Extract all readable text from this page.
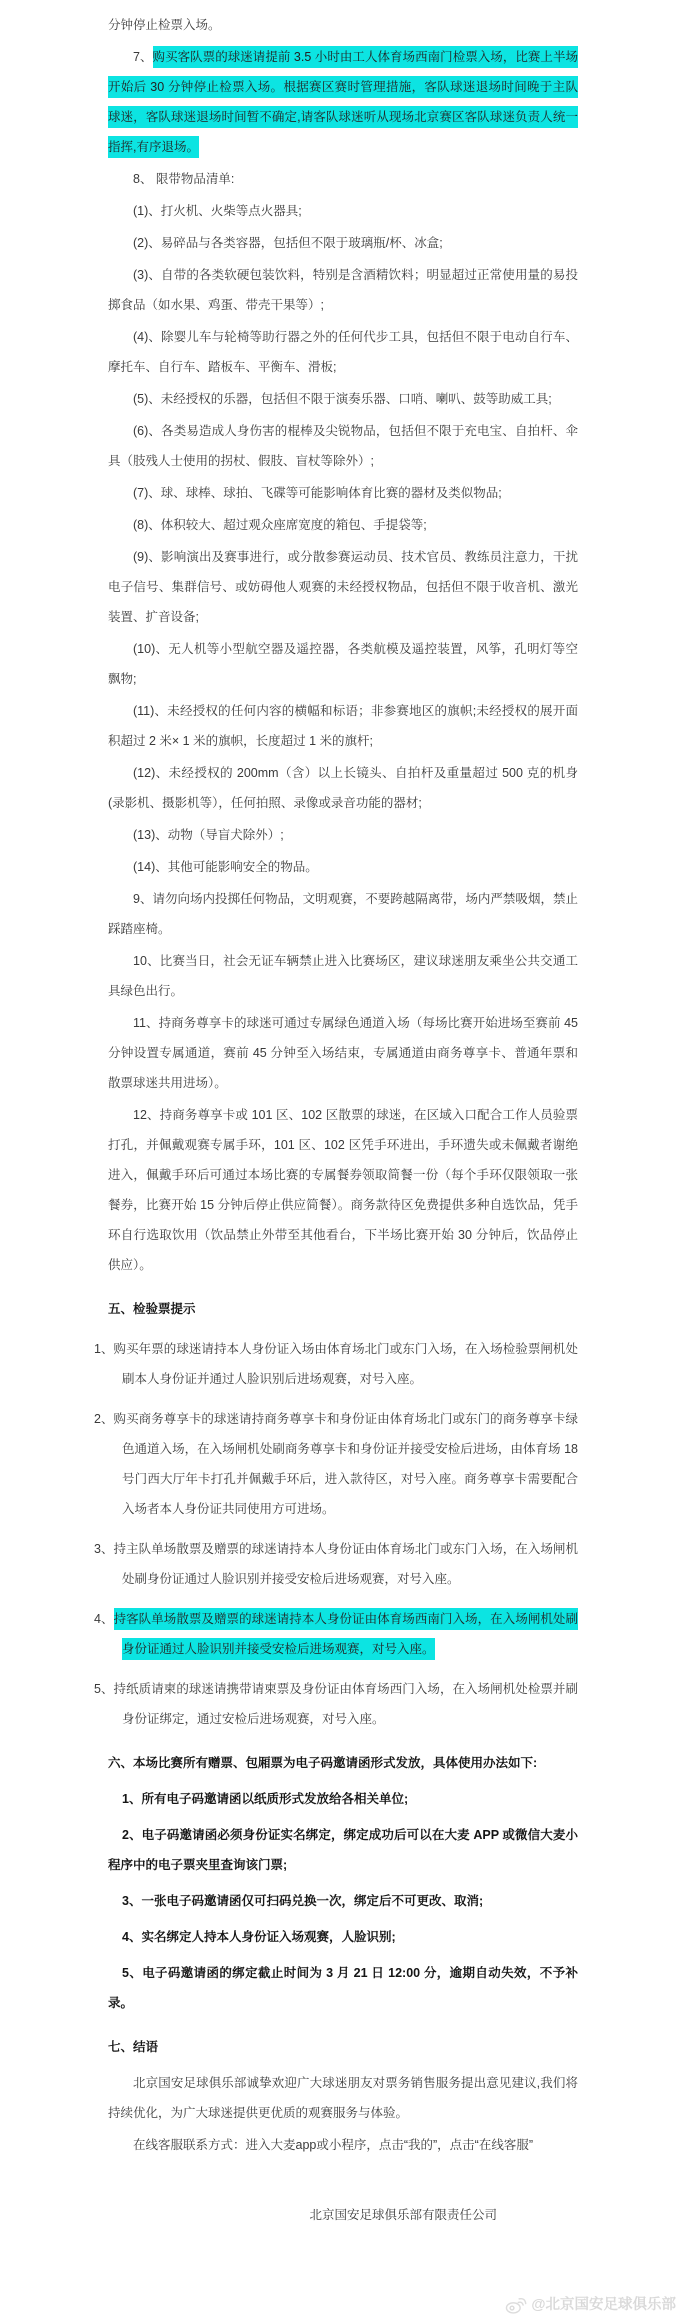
分钟停止检票入场。

7、购买客队票的球迷请提前 3.5 小时由工人体育场西南门检票入场，比赛上半场开始后 30 分钟停止检票入场。根据赛区赛时管理措施，客队球迷退场时间晚于主队球迷，客队球迷退场时间暂不确定,请客队球迷听从现场北京赛区客队球迷负责人统一指挥,有序退场。

8、 限带物品清单:

(1)、打火机、火柴等点火器具;

(2)、易碎品与各类容器，包括但不限于玻璃瓶/杯、冰盒;

(3)、自带的各类软硬包装饮料，特别是含酒精饮料；明显超过正常使用量的易投掷食品（如水果、鸡蛋、带壳干果等）;

(4)、除婴儿车与轮椅等助行器之外的任何代步工具，包括但不限于电动自行车、摩托车、自行车、踏板车、平衡车、滑板;

(5)、未经授权的乐器，包括但不限于演奏乐器、口哨、喇叭、鼓等助威工具;

(6)、各类易造成人身伤害的棍棒及尖锐物品，包括但不限于充电宝、自拍杆、伞具（肢残人士使用的拐杖、假肢、盲杖等除外）;

(7)、球、球棒、球拍、飞碟等可能影响体育比赛的器材及类似物品;

(8)、体积较大、超过观众座席宽度的箱包、手提袋等;

(9)、影响演出及赛事进行，或分散参赛运动员、技术官员、教练员注意力，干扰电子信号、集群信号、或妨碍他人观赛的未经授权物品，包括但不限于收音机、激光装置、扩音设备;

(10)、无人机等小型航空器及遥控器，各类航模及遥控装置，风筝，孔明灯等空飘物;

(11)、未经授权的任何内容的横幅和标语；非参赛地区的旗帜;未经授权的展开面积超过 2 米× 1 米的旗帜，长度超过 1 米的旗杆;

(12)、未经授权的 200mm（含）以上长镜头、自拍杆及重量超过 500 克的机身(录影机、摄影机等），任何拍照、录像或录音功能的器材;

(13)、动物（导盲犬除外）;

(14)、其他可能影响安全的物品。

9、请勿向场内投掷任何物品，文明观赛，不要跨越隔离带，场内严禁吸烟，禁止踩踏座椅。

10、比赛当日，社会无证车辆禁止进入比赛场区，建议球迷朋友乘坐公共交通工具绿色出行。

11、持商务尊享卡的球迷可通过专属绿色通道入场（每场比赛开始进场至赛前 45 分钟设置专属通道，赛前 45 分钟至入场结束，专属通道由商务尊享卡、普通年票和散票球迷共用进场）。

12、持商务尊享卡或 101 区、102 区散票的球迷，在区域入口配合工作人员验票打孔，并佩戴观赛专属手环，101 区、102 区凭手环进出，手环遗失或未佩戴者谢绝进入，佩戴手环后可通过本场比赛的专属餐券领取简餐一份（每个手环仅限领取一张餐券，比赛开始 15 分钟后停止供应简餐）。商务款待区免费提供多种自选饮品，凭手环自行选取饮用（饮品禁止外带至其他看台，下半场比赛开始 30 分钟后，饮品停止供应）。

五、检验票提示

1、购买年票的球迷请持本人身份证入场由体育场北门或东门入场，在入场检验票闸机处刷本人身份证并通过人脸识别后进场观赛，对号入座。

2、购买商务尊享卡的球迷请持商务尊享卡和身份证由体育场北门或东门的商务尊享卡绿色通道入场，在入场闸机处刷商务尊享卡和身份证并接受安检后进场，由体育场 18 号门西大厅年卡打孔并佩戴手环后，进入款待区，对号入座。商务尊享卡需要配合入场者本人身份证共同使用方可进场。

3、持主队单场散票及赠票的球迷请持本人身份证由体育场北门或东门入场，在入场闸机处刷身份证通过人脸识别并接受安检后进场观赛，对号入座。

4、持客队单场散票及赠票的球迷请持本人身份证由体育场西南门入场，在入场闸机处刷身份证通过人脸识别并接受安检后进场观赛，对号入座。

5、持纸质请柬的球迷请携带请柬票及身份证由体育场西门入场，在入场闸机处检票并刷身份证绑定，通过安检后进场观赛，对号入座。

六、本场比赛所有赠票、包厢票为电子码邀请函形式发放，具体使用办法如下:

1、所有电子码邀请函以纸质形式发放给各相关单位;

2、电子码邀请函必须身份证实名绑定，绑定成功后可以在大麦 APP 或微信大麦小程序中的电子票夹里查询该门票;

3、一张电子码邀请函仅可扫码兑换一次，绑定后不可更改、取消;

4、实名绑定人持本人身份证入场观赛，人脸识别;

5、电子码邀请函的绑定截止时间为 3 月 21 日 12:00 分，逾期自动失效，不予补录。

七、结语

北京国安足球俱乐部诚挚欢迎广大球迷朋友对票务销售服务提出意见建议,我们将持续优化，为广大球迷提供更优质的观赛服务与体验。

在线客服联系方式：进入大麦app或小程序，点击“我的”，点击“在线客服”

北京国安足球俱乐部有限责任公司

@北京国安足球俱乐部
